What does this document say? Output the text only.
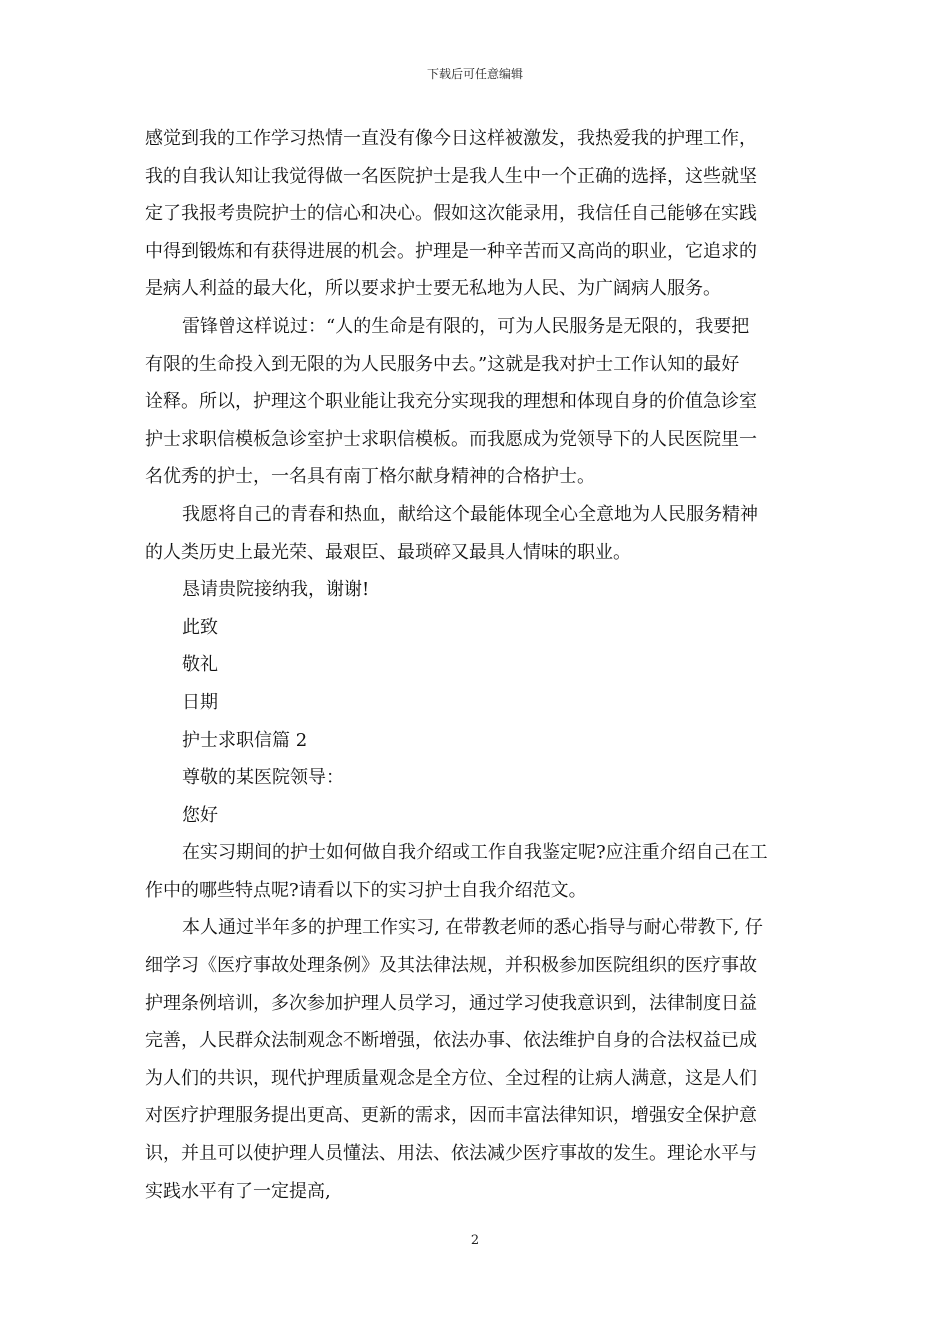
下载后可任意编辑
感觉到我的工作学习热情一直没有像今日这样被激发，我热爱我的护理工作，
我的自我认知让我觉得做一名医院护士是我人生中一个正确的选择，这些就坚
定了我报考贵院护士的信心和决心。假如这次能录用，我信任自己能够在实践
中得到锻炼和有获得进展的机会。护理是一种辛苦而又高尚的职业，它追求的
是病人利益的最大化，所以要求护士要无私地为人民、为广阔病人服务。
雷锋曾这样说过：“人的生命是有限的，可为人民服务是无限的，我要把
有限的生命投入到无限的为人民服务中去。”这就是我对护士工作认知的最好
诠释。所以，护理这个职业能让我充分实现我的理想和体现自身的价值急诊室
护士求职信模板急诊室护士求职信模板。而我愿成为党领导下的人民医院里一
名优秀的护士，一名具有南丁格尔献身精神的合格护士。
我愿将自己的青春和热血，献给这个最能体现全心全意地为人民服务精神
的人类历史上最光荣、最艰臣、最琐碎又最具人情味的职业。
恳请贵院接纳我，谢谢!
此致
敬礼
日期
护士求职信篇 2
尊敬的某医院领导：
您好
在实习期间的护士如何做自我介绍或工作自我鉴定呢?应注重介绍自己在工
作中的哪些特点呢?请看以下的实习护士自我介绍范文。
本人通过半年多的护理工作实习, 在带教老师的悉心指导与耐心带教下, 仔
细学习《医疗事故处理条例》及其法律法规，并积极参加医院组织的医疗事故
护理条例培训，多次参加护理人员学习，通过学习使我意识到，法律制度日益
完善，人民群众法制观念不断增强，依法办事、依法维护自身的合法权益已成
为人们的共识，现代护理质量观念是全方位、全过程的让病人满意，这是人们
对医疗护理服务提出更高、更新的需求，因而丰富法律知识，增强安全保护意
识，并且可以使护理人员懂法、用法、依法减少医疗事故的发生。理论水平与
实践水平有了一定提高,
2
